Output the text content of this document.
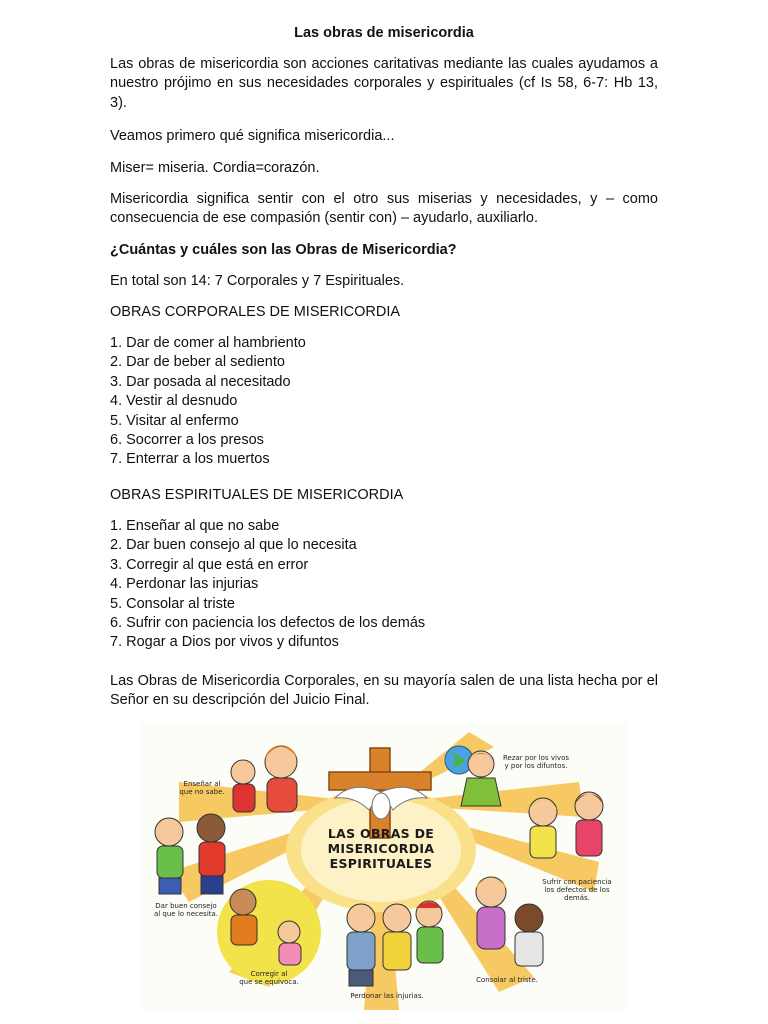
Las obras de misericordia

Las obras de misericordia son acciones caritativas mediante las cuales ayudamos a nuestro prójimo en sus necesidades corporales y espirituales (cf Is 58, 6-7: Hb 13, 3).

Veamos primero qué significa misericordia...

Miser= miseria. Cordia=corazón.

Misericordia significa sentir con el otro sus miserias y necesidades, y – como consecuencia de ese compasión (sentir con) – ayudarlo, auxiliarlo.

¿Cuántas y cuáles son las Obras de Misericordia?

En total son 14: 7 Corporales y 7 Espirituales.

OBRAS CORPORALES DE MISERICORDIA

1. Dar de comer al hambriento
2. Dar de beber al sediento
3. Dar posada al necesitado
4. Vestir al desnudo
5. Visitar al enfermo
6. Socorrer a los presos
7. Enterrar a los muertos

OBRAS ESPIRITUALES DE MISERICORDIA

1. Enseñar al que no sabe
2. Dar buen consejo al que lo necesita
3. Corregir al que está en error
4. Perdonar las injurias
5. Consolar al triste
6. Sufrir con paciencia los defectos de los demás
7. Rogar a Dios por vivos y difuntos

Las Obras de Misericordia Corporales, en su mayoría salen de una lista hecha por el Señor en su descripción del Juicio Final.

LAS OBRAS DE
MISERICORDIA
ESPIRITUALES
Enseñar al
que no sabe.
Rezar por los vivos
y por los difuntos.
Sufrir con paciencia
los defectos de los
demás.
Dar buen consejo
al que lo necesita.
Corregir al
que se equivoca.
Perdonar las injurias.
Consolar al triste.
